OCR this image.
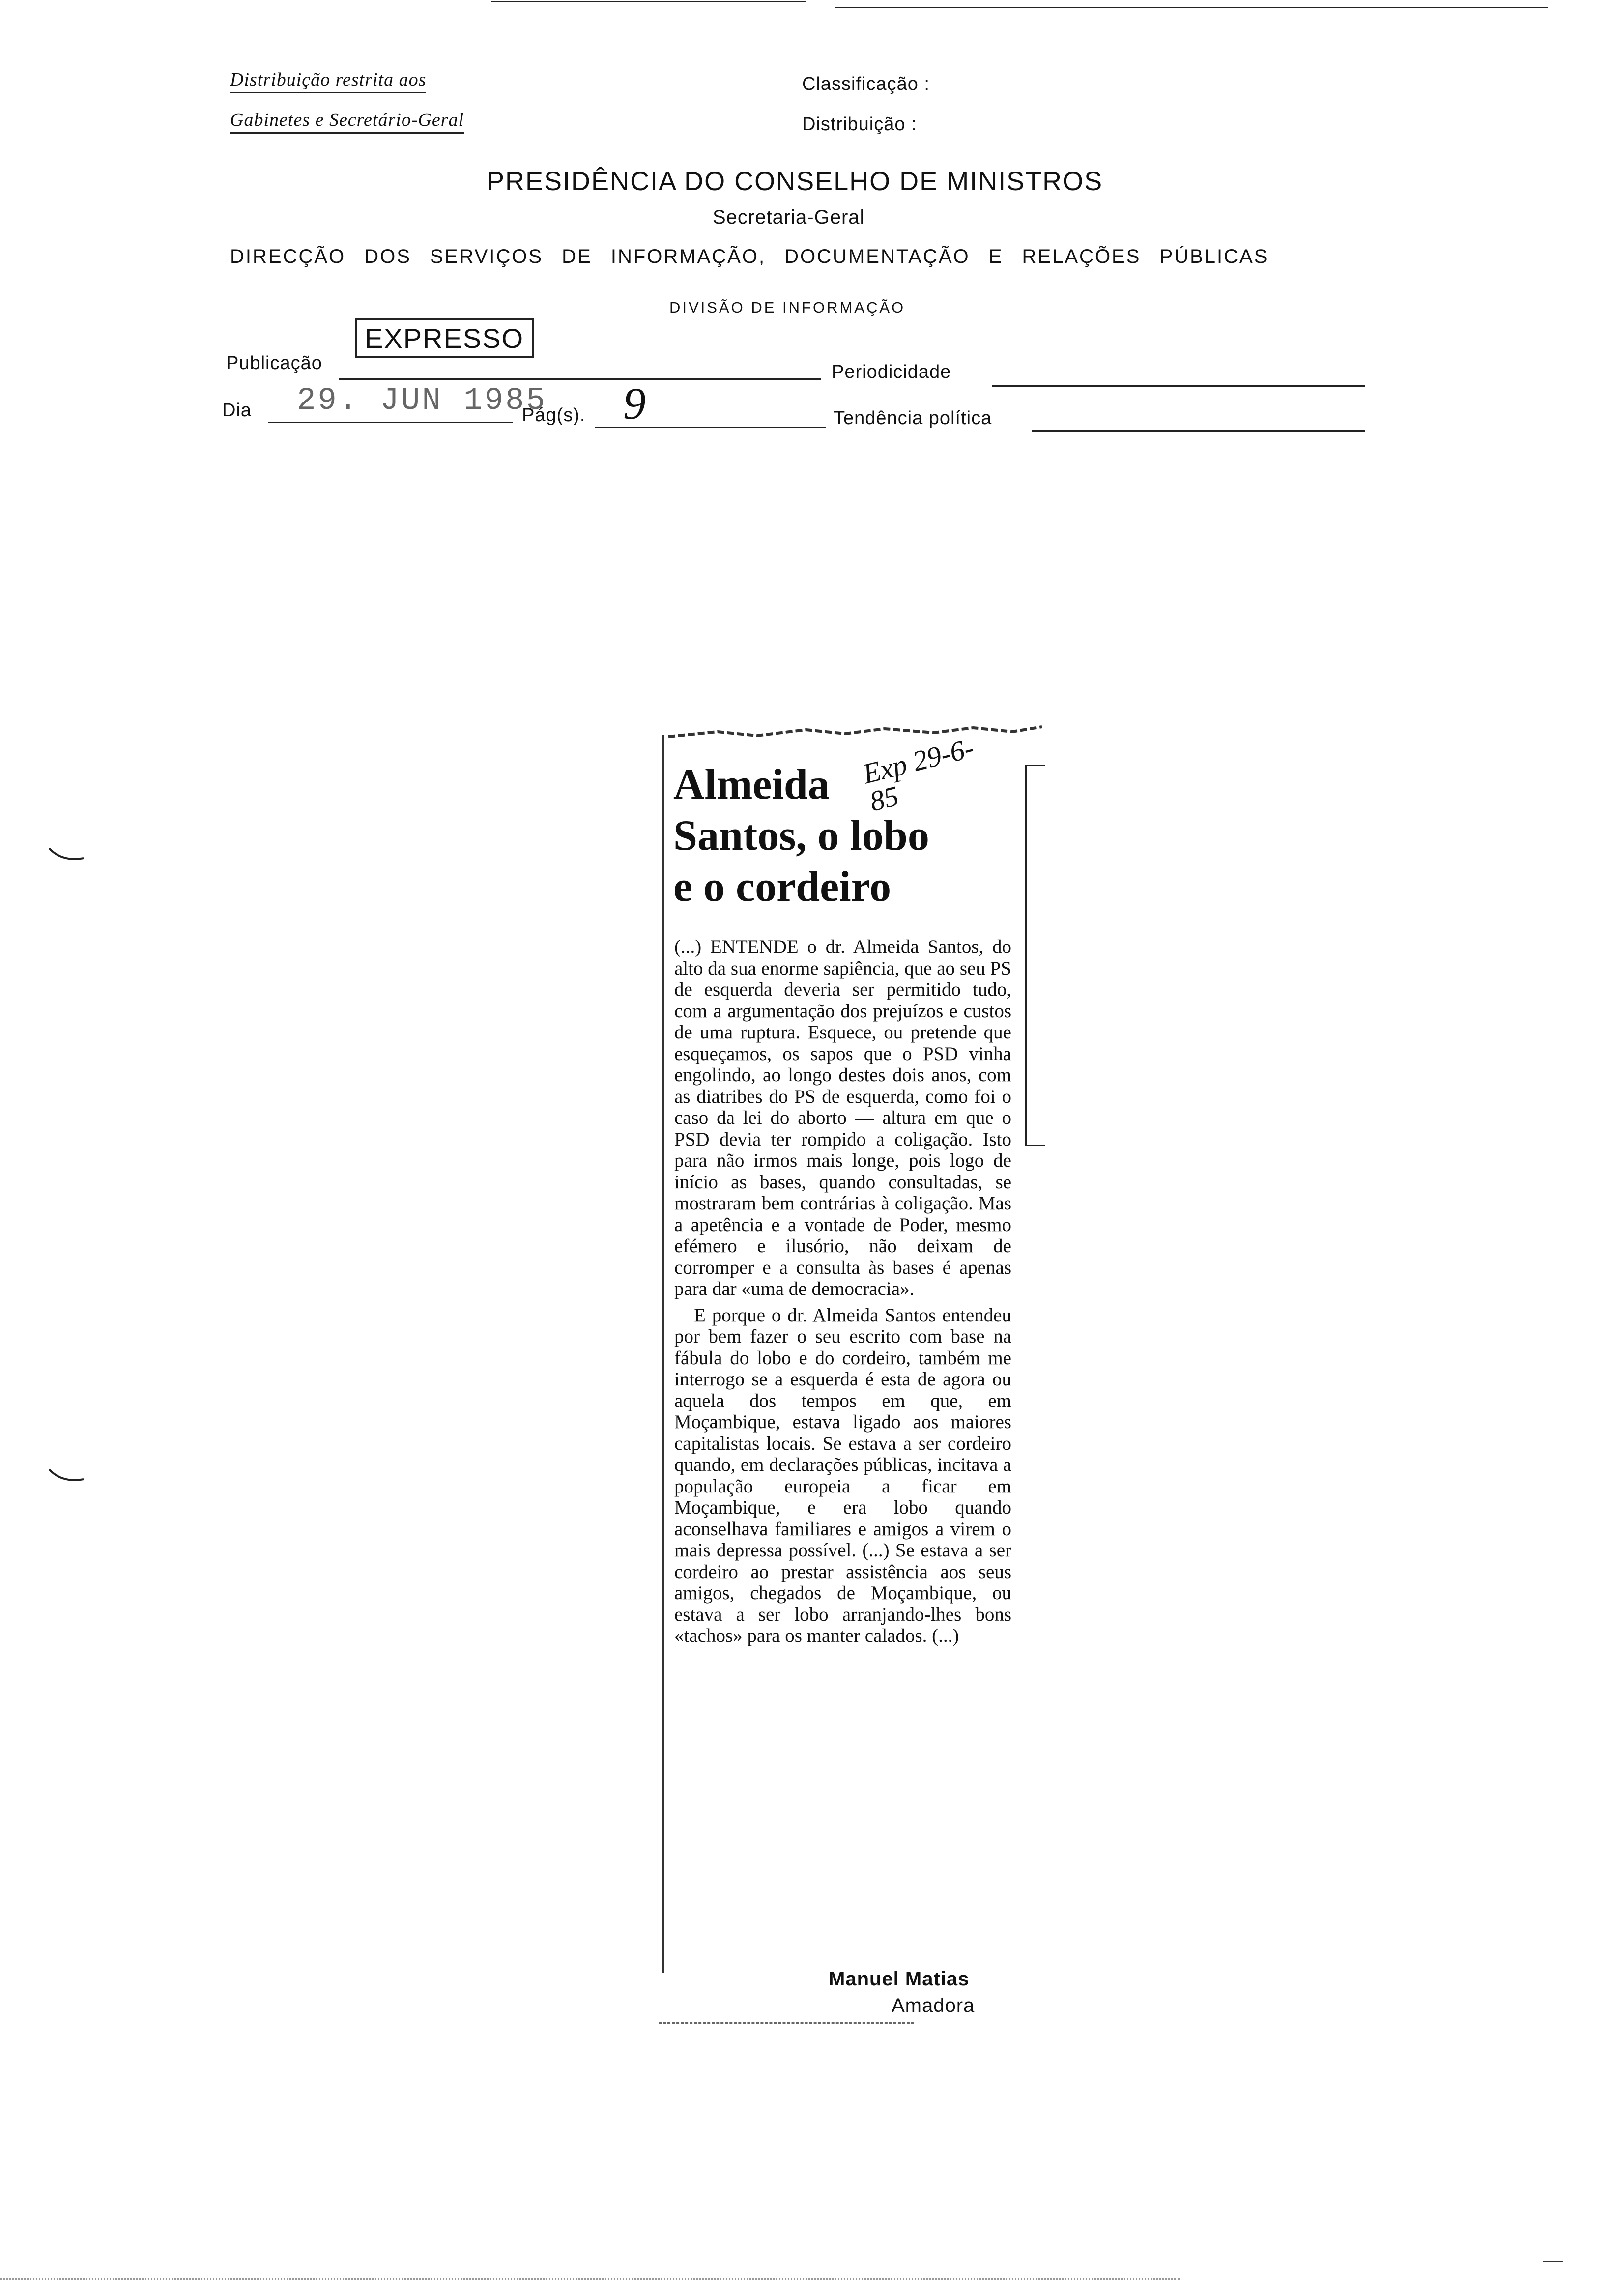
Distribuição restrita aos
Gabinetes e Secretário-Geral
Classificação :
Distribuição :
PRESIDÊNCIA DO CONSELHO DE MINISTROS
Secretaria-Geral
DIRECÇÃO DOS SERVIÇOS DE INFORMAÇÃO, DOCUMENTAÇÃO E RELAÇÕES PÚBLICAS
DIVISÃO DE INFORMAÇÃO
Publicação
EXPRESSO
Periodicidade
Dia 29. JUN 1985
Pág(s). 9	Tendência política
Almeida
Santos, o lobo
e o cordeiro

(...) ENTENDE o dr. Almeida Santos, do alto da sua enorme sapiência, que ao seu PS de esquerda deveria ser permitido tudo, com a argumentação dos prejuízos e custos de uma ruptura. Esquece, ou pretende que esqueçamos, os sapos que o PSD vinha engolindo, ao longo destes dois anos, com as diatribes do PS de esquerda, como foi o caso da lei do aborto — altura em que o PSD devia ter rompido a coligação. Isto para não irmos mais longe, pois logo de início as bases, quando consultadas, se mostraram bem contrárias à coligação. Mas a apetência e a vontade de Poder, mesmo efémero e ilusório, não deixam de corromper e a consulta às bases é apenas para dar «uma de democracia».

E porque o dr. Almeida Santos entendeu por bem fazer o seu escrito com base na fábula do lobo e do cordeiro, também me interrogo se a esquerda é esta de agora ou aquela dos tempos em que, em Moçambique, estava ligado aos maiores capitalistas locais. Se estava a ser cordeiro quando, em declarações públicas, incitava a população europeia a ficar em Moçambique, e era lobo quando aconselhava familiares e amigos a virem o mais depressa possível. (...) Se estava a ser cordeiro ao prestar assistência aos seus amigos, chegados de Moçambique, ou estava a ser lobo arranjando-lhes bons «tachos» para os manter calados. (...)

Manuel Matias
Amadora
Exp 29-6-85
